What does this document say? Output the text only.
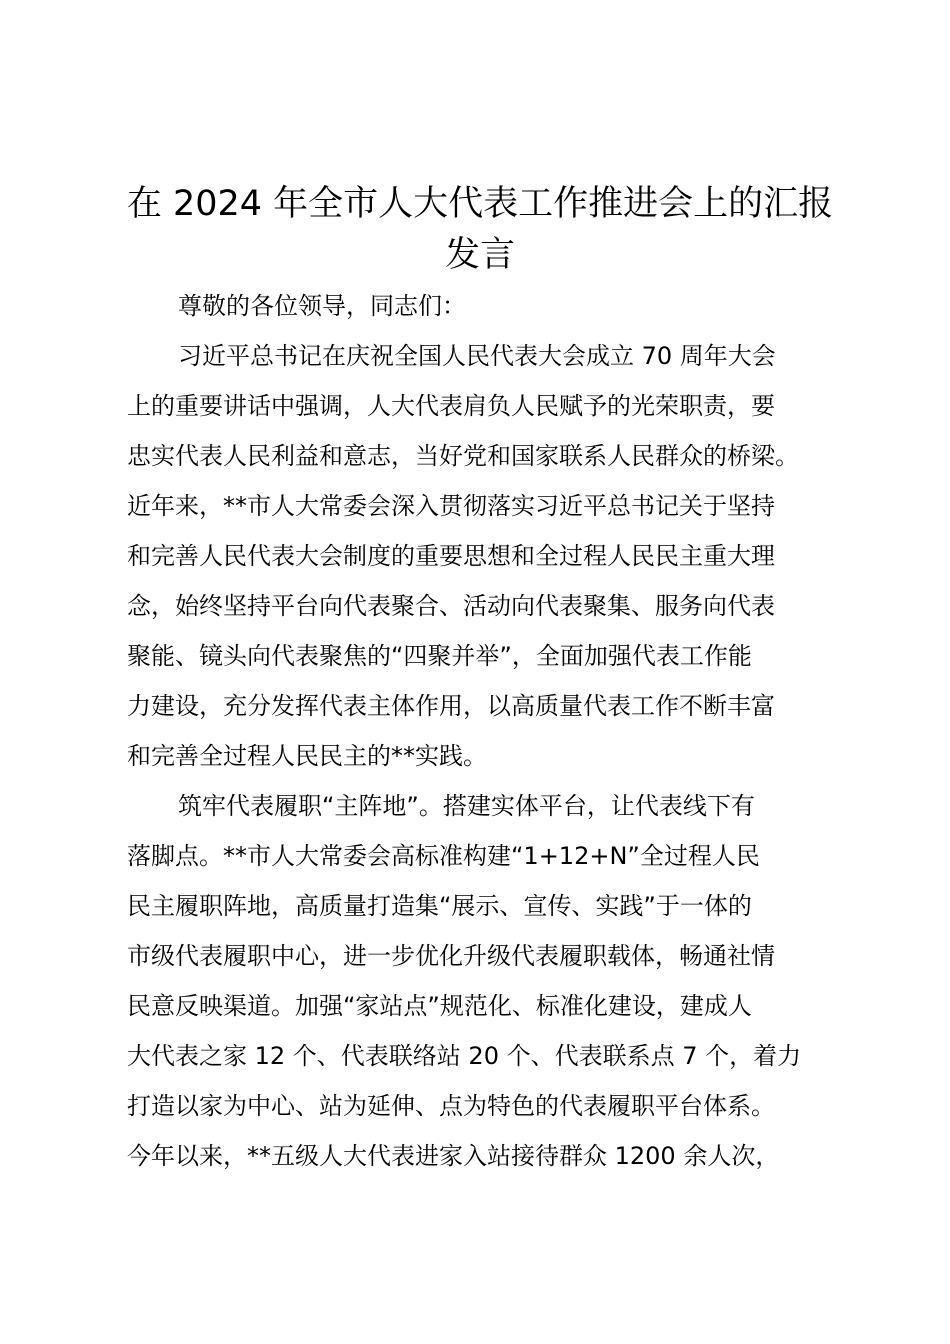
在 2024 年全市人大代表工作推进会上的汇报
发言
尊敬的各位领导，同志们：
习近平总书记在庆祝全国人民代表大会成立 70 周年大会
上的重要讲话中强调，人大代表肩负人民赋予的光荣职责，要
忠实代表人民利益和意志，当好党和国家联系人民群众的桥梁。
近年来，**市人大常委会深入贯彻落实习近平总书记关于坚持
和完善人民代表大会制度的重要思想和全过程人民民主重大理
念，始终坚持平台向代表聚合、活动向代表聚集、服务向代表
聚能、镜头向代表聚焦的“四聚并举”，全面加强代表工作能
力建设，充分发挥代表主体作用，以高质量代表工作不断丰富
和完善全过程人民民主的**实践。
筑牢代表履职“主阵地”。搭建实体平台，让代表线下有
落脚点。**市人大常委会高标准构建“1+12+N”全过程人民
民主履职阵地，高质量打造集“展示、宣传、实践”于一体的
市级代表履职中心，进一步优化升级代表履职载体，畅通社情
民意反映渠道。加强“家站点”规范化、标准化建设，建成人
大代表之家 12 个、代表联络站 20 个、代表联系点 7 个，着力
打造以家为中心、站为延伸、点为特色的代表履职平台体系。
今年以来，**五级人大代表进家入站接待群众 1200 余人次，
